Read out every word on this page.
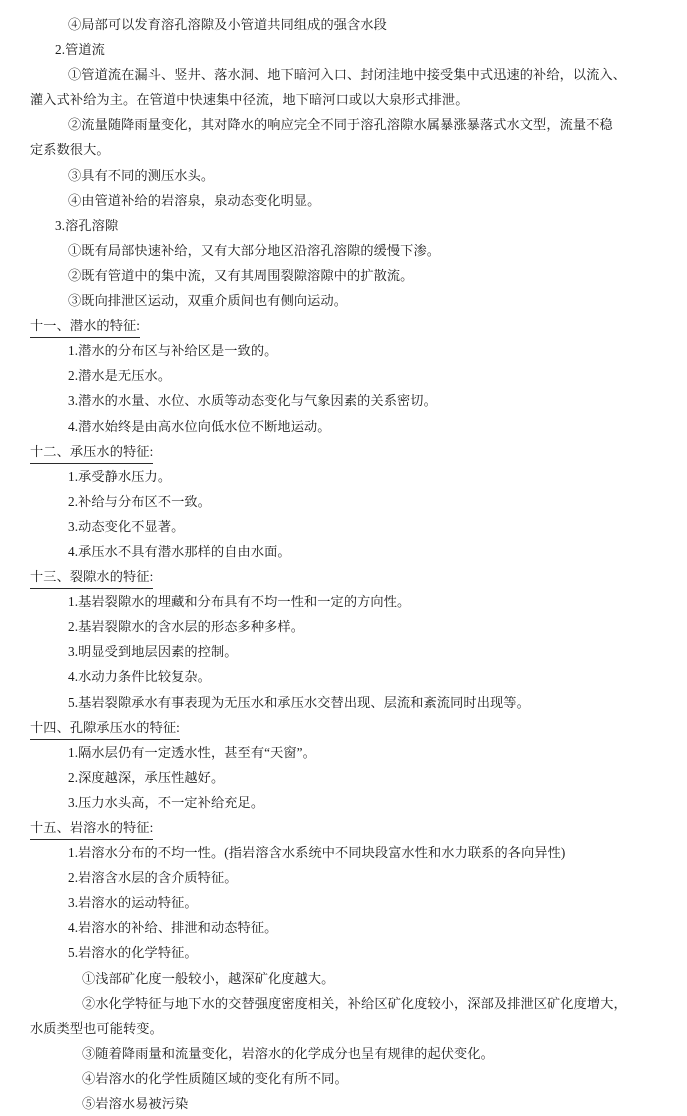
④局部可以发育溶孔溶隙及小管道共同组成的强含水段
2.管道流
①管道流在漏斗、竖井、落水洞、地下暗河入口、封闭洼地中接受集中式迅速的补给，以流入、
灌入式补给为主。在管道中快速集中径流，地下暗河口或以大泉形式排泄。
②流量随降雨量变化，其对降水的响应完全不同于溶孔溶隙水属暴涨暴落式水文型，流量不稳
定系数很大。
③具有不同的测压水头。
④由管道补给的岩溶泉，泉动态变化明显。
3.溶孔溶隙
①既有局部快速补给，又有大部分地区沿溶孔溶隙的缓慢下渗。
②既有管道中的集中流，又有其周围裂隙溶隙中的扩散流。
③既向排泄区运动，双重介质间也有侧向运动。
十一、潜水的特征:
1.潜水的分布区与补给区是一致的。
2.潜水是无压水。
3.潜水的水量、水位、水质等动态变化与气象因素的关系密切。
4.潜水始终是由高水位向低水位不断地运动。
十二、承压水的特征:
1.承受静水压力。
2.补给与分布区不一致。
3.动态变化不显著。
4.承压水不具有潜水那样的自由水面。
十三、裂隙水的特征:
1.基岩裂隙水的埋藏和分布具有不均一性和一定的方向性。
2.基岩裂隙水的含水层的形态多种多样。
3.明显受到地层因素的控制。
4.水动力条件比较复杂。
5.基岩裂隙承水有事表现为无压水和承压水交替出现、层流和紊流同时出现等。
十四、孔隙承压水的特征:
1.隔水层仍有一定透水性，甚至有“天窗”。
2.深度越深，承压性越好。
3.压力水头高，不一定补给充足。
十五、岩溶水的特征:
1.岩溶水分布的不均一性。(指岩溶含水系统中不同块段富水性和水力联系的各向异性)
2.岩溶含水层的含介质特征。
3.岩溶水的运动特征。
4.岩溶水的补给、排泄和动态特征。
5.岩溶水的化学特征。
①浅部矿化度一般较小，越深矿化度越大。
②水化学特征与地下水的交替强度密度相关，补给区矿化度较小，深部及排泄区矿化度增大，
水质类型也可能转变。
③随着降雨量和流量变化，岩溶水的化学成分也呈有规律的起伏变化。
④岩溶水的化学性质随区域的变化有所不同。
⑤岩溶水易被污染
